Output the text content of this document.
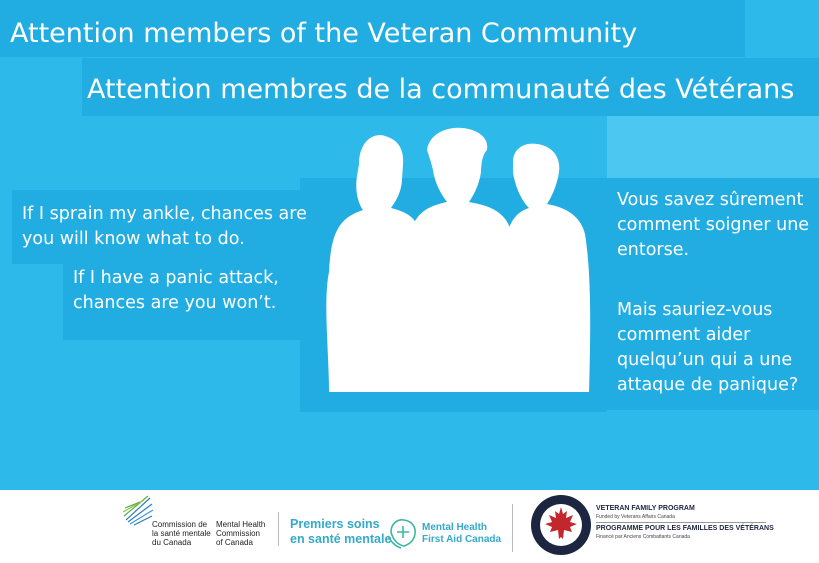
Attention members of the Veteran Community
Attention membres de la communauté des Vétérans
If I sprain my ankle, chances are you will know what to do.
If I have a panic attack, chances are you won’t.
Vous savez sûrement comment soigner une entorse.
Mais sauriez-vous comment aider quelqu’un qui a une attaque de panique?
Commission de
la santé mentale
du Canada
Mental Health
Commission
of Canada
Premiers soins
en santé mentale
Mental Health
First Aid Canada
VETERAN FAMILY PROGRAM
Funded by Veterans Affairs Canada
PROGRAMME POUR LES FAMILLES DES VÉTÉRANS
Financé par Anciens Combattants Canada
